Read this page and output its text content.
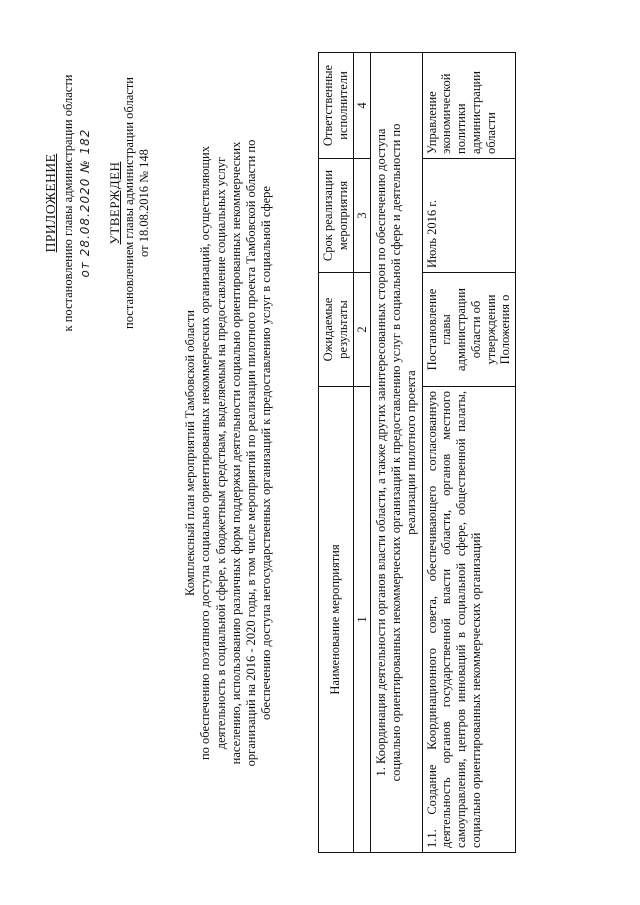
ПРИЛОЖЕНИЕ к постановлению главы администрации области от 28.08.2020 № 182 УТВЕРЖДЕН постановлением главы администрации области от 18.08.2016 № 148
Комплексный план мероприятий Тамбовской области по обеспечению поэтапного доступа социально ориентированных некоммерческих организаций, осуществляющих деятельность в социальной сфере, к бюджетным средствам, выделяемым на предоставление социальных услуг населению, использованию различных форм поддержки деятельности социально ориентированных некоммерческих организаций на 2016 - 2020 годы, в том числе мероприятий по реализации пилотного проекта Тамбовской области по обеспечению доступа негосударственных организаций к предоставлению услуг в социальной сфере	Наименование мероприятия	Ожидаемые результаты	Срок реализации мероприятия	Ответственные исполнители
1	2	3	4

1. Координация деятельности органов власти области, а также других заинтересованных сторон по обеспечению доступа социально ориентированных некоммерческих организаций к предоставлению услуг в социальной сфере и деятельности по реализации пилотного проекта			

1.1. Создание Координационного совета, обеспечивающего согласованную деятельность органов государственной власти области, органов местного самоуправления, центров инноваций в социальной сфере, общественной палаты, социально ориентированных некоммерческих организаций	Постановление главы администрации области об утверждении Положения о	Июль 2016 г.	Управление экономической политики администрации области
